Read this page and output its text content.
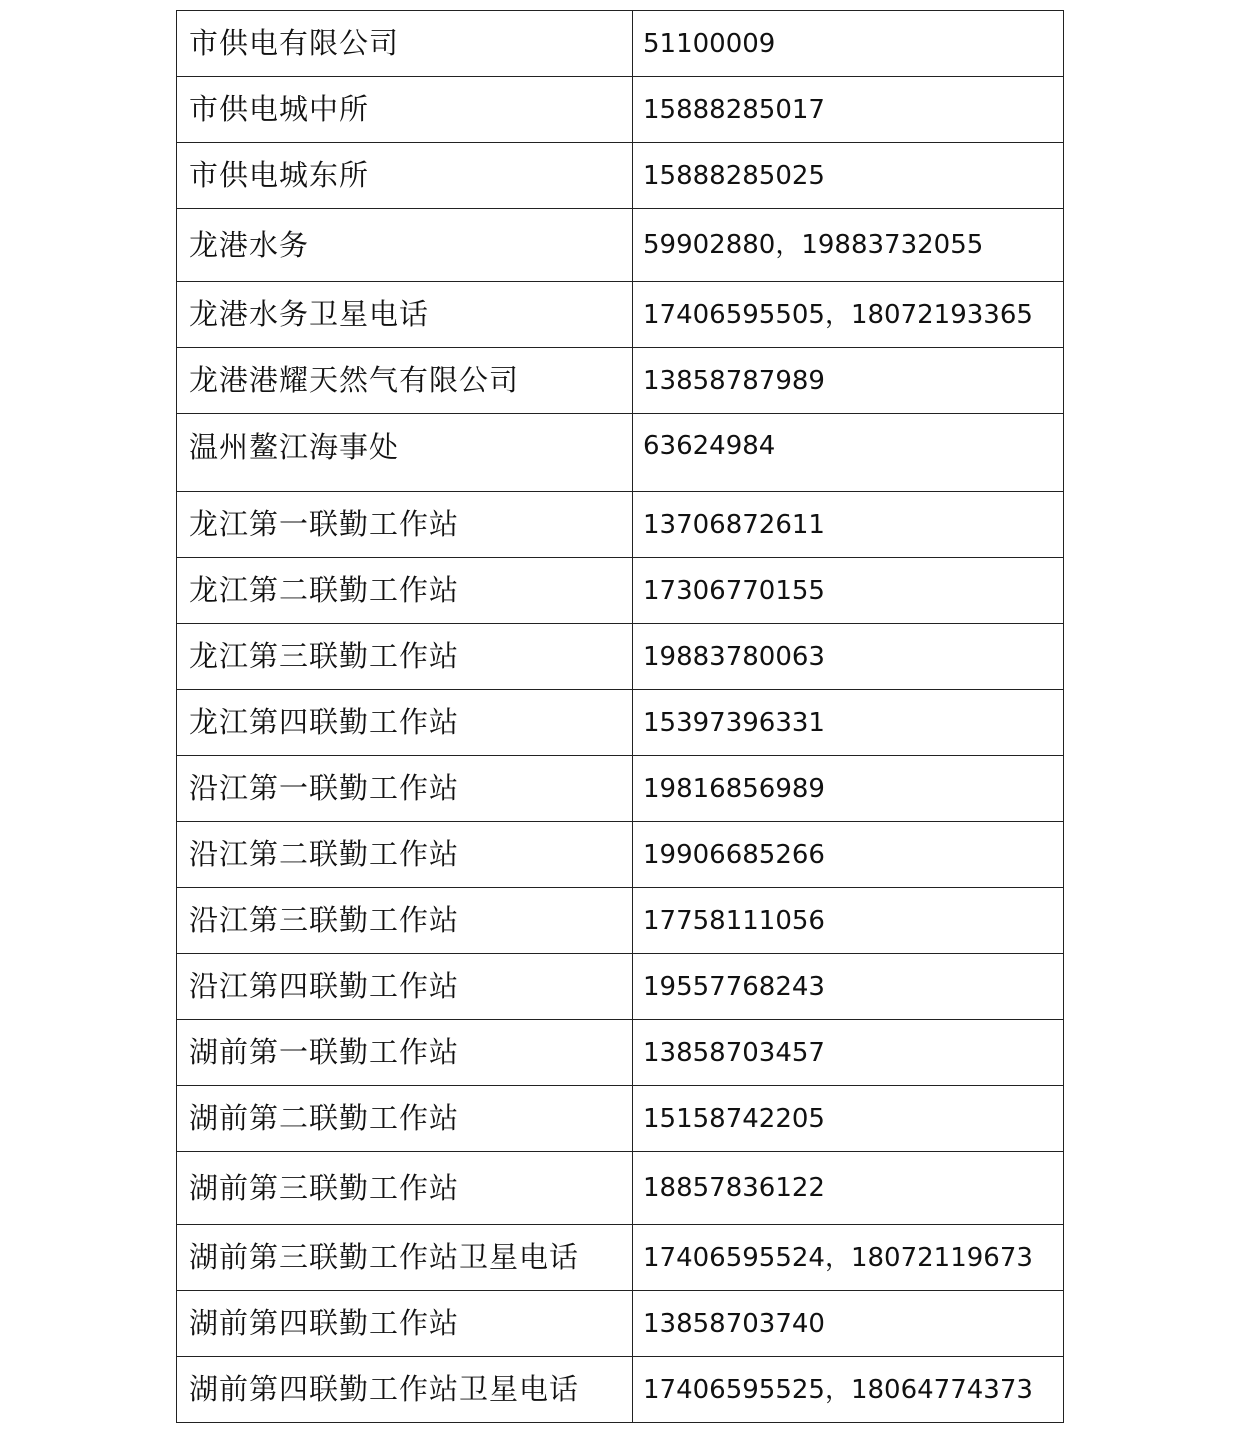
市供电有限公司	51100009
市供电城中所	15888285017
市供电城东所	15888285025
龙港水务	59902880，19883732055
龙港水务卫星电话	17406595505，18072193365
龙港港耀天然气有限公司	13858787989
温州鳌江海事处	63624984
龙江第一联勤工作站	13706872611
龙江第二联勤工作站	17306770155
龙江第三联勤工作站	19883780063
龙江第四联勤工作站	15397396331
沿江第一联勤工作站	19816856989
沿江第二联勤工作站	19906685266
沿江第三联勤工作站	17758111056
沿江第四联勤工作站	19557768243
湖前第一联勤工作站	13858703457
湖前第二联勤工作站	15158742205
湖前第三联勤工作站	18857836122
湖前第三联勤工作站卫星电话	17406595524，18072119673
湖前第四联勤工作站	13858703740
湖前第四联勤工作站卫星电话	17406595525，18064774373
